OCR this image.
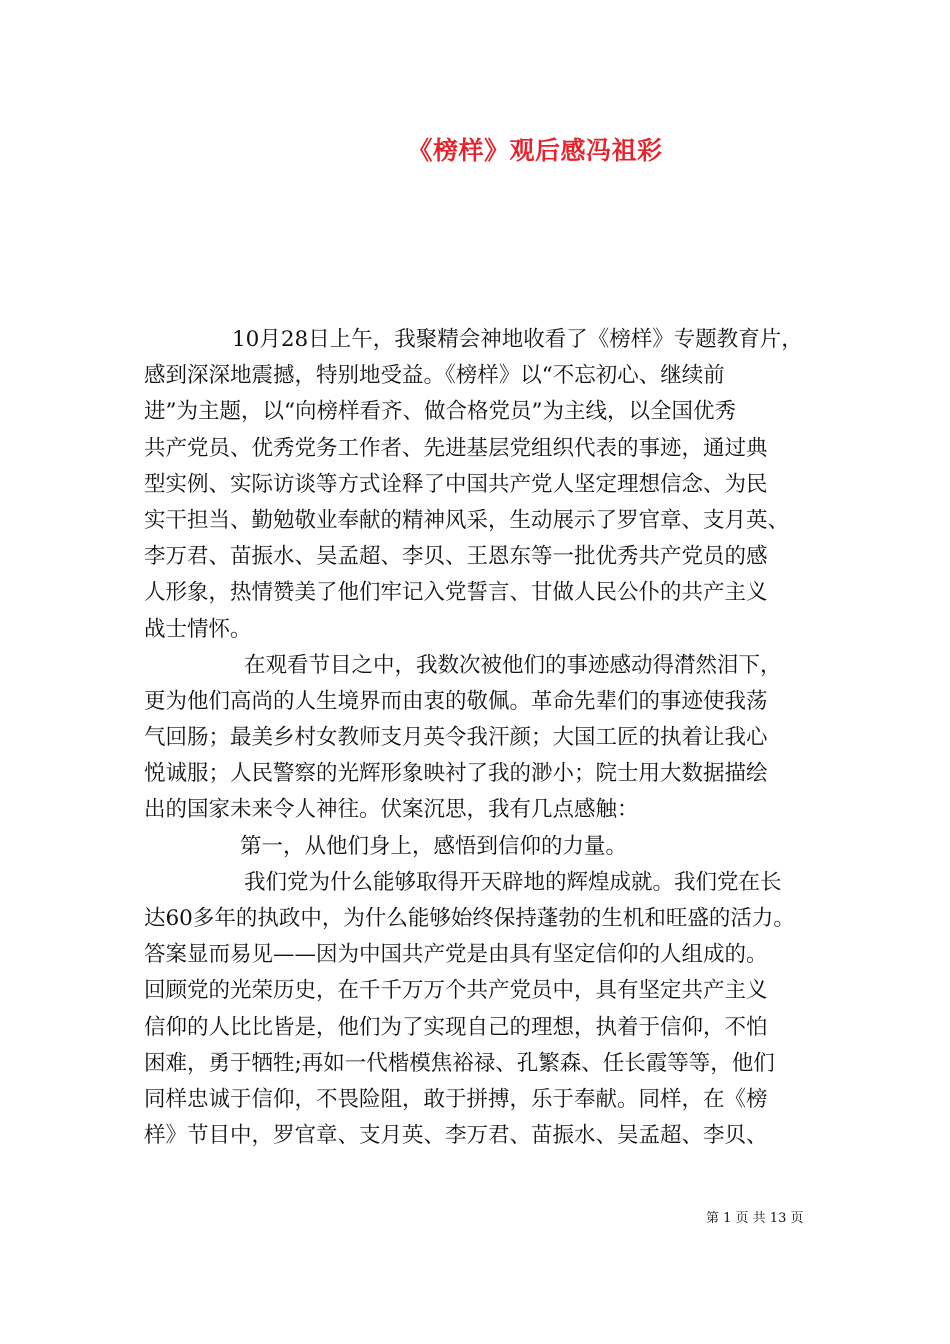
《榜样》观后感冯祖彩
10月28日上午，我聚精会神地收看了《榜样》专题教育片，
感到深深地震撼，特别地受益。《榜样》以“不忘初心、继续前
进”为主题，以“向榜样看齐、做合格党员”为主线，以全国优秀
共产党员、优秀党务工作者、先进基层党组织代表的事迹，通过典
型实例、实际访谈等方式诠释了中国共产党人坚定理想信念、为民
实干担当、勤勉敬业奉献的精神风采，生动展示了罗官章、支月英、
李万君、苗振水、吴孟超、李贝、王恩东等一批优秀共产党员的感
人形象，热情赞美了他们牢记入党誓言、甘做人民公仆的共产主义
战士情怀。
在观看节目之中，我数次被他们的事迹感动得潸然泪下，
更为他们高尚的人生境界而由衷的敬佩。革命先辈们的事迹使我荡
气回肠；最美乡村女教师支月英令我汗颜；大国工匠的执着让我心
悦诚服；人民警察的光辉形象映衬了我的渺小；院士用大数据描绘
出的国家未来令人神往。伏案沉思，我有几点感触：
第一，从他们身上，感悟到信仰的力量。
我们党为什么能够取得开天辟地的辉煌成就。我们党在长
达60多年的执政中，为什么能够始终保持蓬勃的生机和旺盛的活力。
答案显而易见——因为中国共产党是由具有坚定信仰的人组成的。
回顾党的光荣历史，在千千万万个共产党员中，具有坚定共产主义
信仰的人比比皆是，他们为了实现自己的理想，执着于信仰，不怕
困难，勇于牺牲;再如一代楷模焦裕禄、孔繁森、任长霞等等，他们
同样忠诚于信仰，不畏险阻，敢于拼搏，乐于奉献。同样，在《榜
样》节目中，罗官章、支月英、李万君、苗振水、吴孟超、李贝、
第 1 页 共 13 页
